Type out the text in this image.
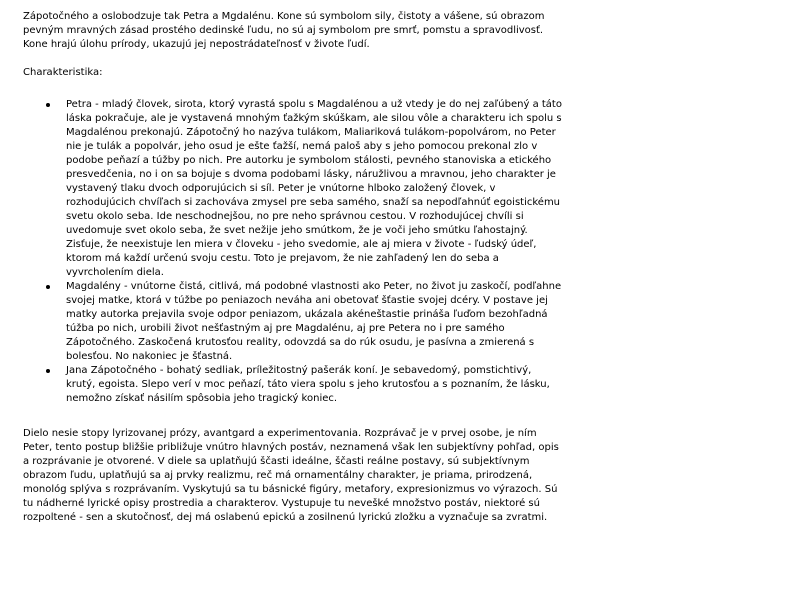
Zápotočného a oslobodzuje tak Petra a Mgdalénu. Kone sú symbolom sily, čistoty a vášene, sú obrazom pevným mravných zásad prostého dedinské ľudu, no sú aj symbolom pre smrť, pomstu a spravodlivosť. Kone hrajú úlohu prírody, ukazujú jej nepostrádateľnosť v živote ľudí.

Charakteristika:

Petra - mladý človek, sirota, ktorý vyrastá spolu s Magdalénou a už vtedy je do nej zaľúbený a táto láska pokračuje, ale je vystavená mnohým ťažkým skúškam, ale silou vôle a charakteru ich spolu s Magdalénou prekonajú. Zápotočný ho nazýva tulákom, Maliariková tulákom-popolvárom, no Peter nie je tulák a popolvár, jeho osud je ešte ťažší, nemá paloš aby s jeho pomocou prekonal zlo v podobe peňazí a túžby po nich. Pre autorku je symbolom stálosti, pevného stanoviska a etického presvedčenia, no i on sa bojuje s dvoma podobami lásky, náružlivou a mravnou, jeho charakter je vystavený tlaku dvoch odporujúcich si síl. Peter je vnútorne hlboko založený človek, v rozhodujúcich chvíľach si zachováva zmysel pre seba samého, snaží sa nepodľahnúť egoistickému svetu okolo seba. Ide neschodnejšou, no pre neho správnou cestou. V rozhodujúcej chvíli si uvedomuje svet okolo seba, že svet nežije jeho smútkom, že je voči jeho smútku ľahostajný. Zisťuje, že neexistuje len miera v človeku - jeho svedomie, ale aj miera v živote - ľudský údeľ, ktorom má každí určenú svoju cestu. Toto je prejavom, že nie zahľadený len do seba a vyvrcholením diela.
Magdalény - vnútorne čistá, citlivá, má podobné vlastnosti ako Peter, no život ju zaskočí, podľahne svojej matke, ktorá v túžbe po peniazoch neváha ani obetovať šťastie svojej dcéry. V postave jej matky autorka prejavila svoje odpor peniazom, ukázala akéneštastie prináša ľuďom bezohľadná túžba po nich, urobili život nešťastným aj pre Magdalénu, aj pre Petera no i pre samého Zápotočného. Zaskočená krutosťou reality, odovzdá sa do rúk osudu, je pasívna a zmierená s bolesťou. No nakoniec je šťastná.
Jana Zápotočného - bohatý sedliak, príležitostný pašerák koní. Je sebavedomý, pomstichtivý, krutý, egoista. Slepo verí v moc peňazí, táto viera spolu s jeho krutosťou a s poznaním, že lásku, nemožno získať násilím spôsobia jeho tragický koniec.

Dielo nesie stopy lyrizovanej prózy, avantgard a experimentovania. Rozprávač je v prvej osobe, je ním Peter, tento postup bližšie približuje vnútro hlavných postáv, neznamená však len subjektívny pohľad, opis a rozprávanie je otvorené. V diele sa uplatňujú ščasti ideálne, ščasti reálne postavy, sú subjektívnym obrazom ľudu, uplatňujú sa aj prvky realizmu, reč má ornamentálny charakter, je priama, prirodzená, monológ splýva s rozprávaním. Vyskytujú sa tu básnické figúry, metafory, expresionizmus vo výrazoch. Sú tu nádherné lyrické opisy prostredia a charakterov. Vystupuje tu nevešké množstvo postáv, niektoré sú rozpoltené - sen a skutočnosť, dej má oslabenú epickú a zosilnenú lyrickú zložku a vyznačuje sa zvratmi.
